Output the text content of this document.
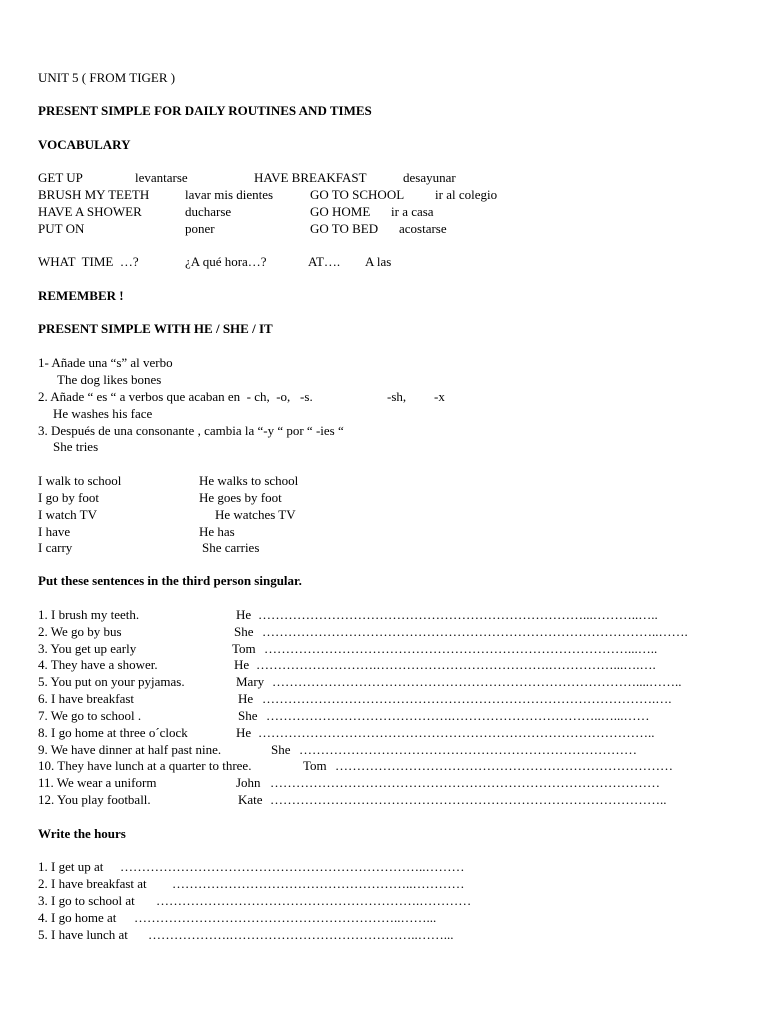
UNIT 5 ( FROM TIGER )
PRESENT SIMPLE FOR DAILY ROUTINES AND TIMES
VOCABULARY
GET UP	levantarse	HAVE BREAKFAST	desayunar
BRUSH MY TEETH	lavar mis dientes	GO TO SCHOOL ir al colegio
HAVE A SHOWER	ducharse	GO HOME ir a casa
PUT ON	poner	GO TO BED acostarse
WHAT  TIME  …?	¿A qué hora…?	AT…. A las
REMEMBER !
PRESENT SIMPLE WITH HE / SHE / IT
1- Añade una “s” al verbo
The dog likes bones
2. Añade “ es “ a verbos que acaban en  - ch,  -o,   -s.	-sh, -x
He washes his face
3. Después de una consonante , cambia la “-y “ por “ -ies “
She tries
I walk to school	He walks to school
I go by foot	He goes by foot
I watch TV	He watches TV
I have	He has
I carry	She carries
Put these sentences in the third person singular.
1. I brush my teeth.	He …………………………………………………………………...………..…..
2. We go by bus	She ………………………………………………………………………………..…….
3. You get up early	Tom …………………………………………………………………………...…..
4. They have a shower.	He ……………………….………………………………….……………...….….
5. You put on your pyjamas.	Mary …………………………………………………………………………....……..
6. I have breakfast	He ……………………………………………………………………………….….
7. We go to school .	She …………………………………….……………………………..…...……
8. I go home at three o´clock	He ………………………………………………………………………………..
9. We have dinner at half past nine.	She ……………………………………………………………………
10. They have lunch at a quarter to three.	Tom ……………………………………………………………………
11. We wear a uniform	John ………………………………………………………………………………
12. You play football.	Kate ………………………………………………………………………………..
Write the hours
1. I get up at ……………………………………………………………..………
2. I have breakfast at ………………………………………………..…………
3. I go to school at …………………………………………………….…………
4. I go home at ……………………………………………………..……...
5. I have lunch at ……………….……………………………………..……...
